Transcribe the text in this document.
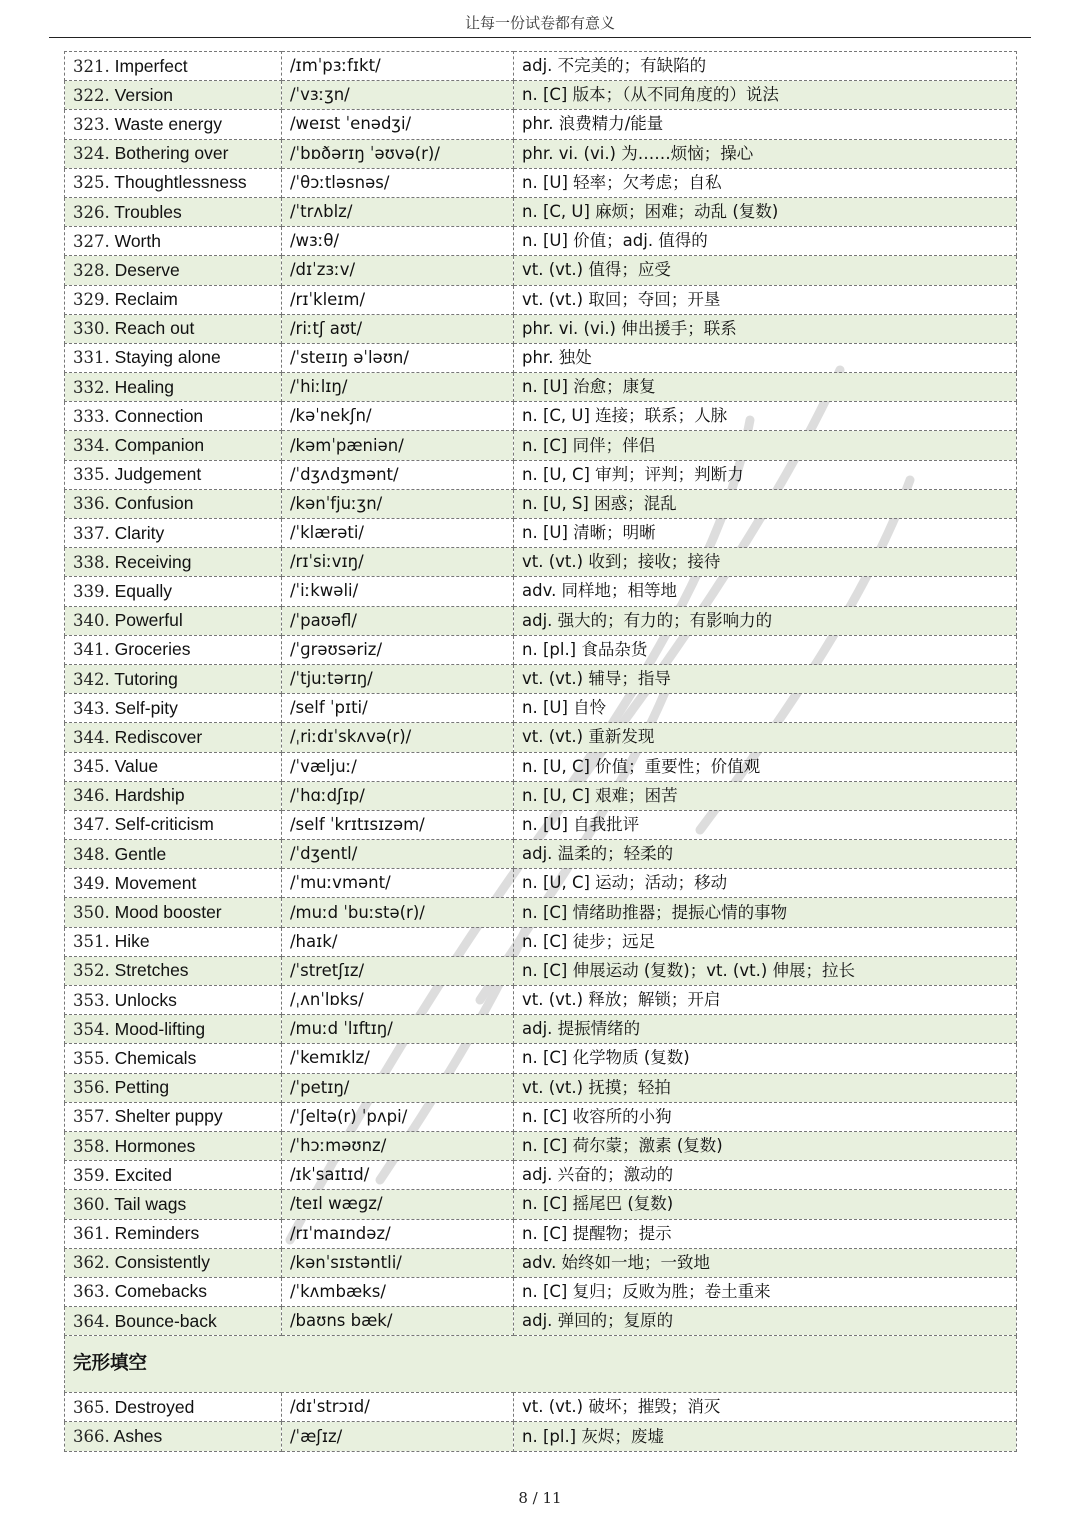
让每一份试卷都有意义
321. Imperfect	/ɪmˈpɜːfɪkt/	adj. 不完美的；有缺陷的
322. Version	/ˈvɜːʒn/	n. [C] 版本；（从不同角度的）说法
323. Waste energy	/weɪst ˈenədʒi/	phr. 浪费精力/能量
324. Bothering over	/ˈbɒðərɪŋ ˈəʊvə(r)/	phr. vi. (vi.) 为……烦恼；操心
325. Thoughtlessness	/ˈθɔːtləsnəs/	n. [U] 轻率；欠考虑；自私
326. Troubles	/ˈtrʌblz/	n. [C, U] 麻烦；困难；动乱 (复数)
327. Worth	/wɜːθ/	n. [U] 价值；adj. 值得的
328. Deserve	/dɪˈzɜːv/	vt. (vt.) 值得；应受
329. Reclaim	/rɪˈkleɪm/	vt. (vt.) 取回；夺回；开垦
330. Reach out	/riːtʃ aʊt/	phr. vi. (vi.) 伸出援手；联系
331. Staying alone	/ˈsteɪɪŋ əˈləʊn/	phr. 独处
332. Healing	/ˈhiːlɪŋ/	n. [U] 治愈；康复
333. Connection	/kəˈnekʃn/	n. [C, U] 连接；联系；人脉
334. Companion	/kəmˈpæniən/	n. [C] 同伴；伴侣
335. Judgement	/ˈdʒʌdʒmənt/	n. [U, C] 审判；评判；判断力
336. Confusion	/kənˈfjuːʒn/	n. [U, S] 困惑；混乱
337. Clarity	/ˈklærəti/	n. [U] 清晰；明晰
338. Receiving	/rɪˈsiːvɪŋ/	vt. (vt.) 收到；接收；接待
339. Equally	/ˈiːkwəli/	adv. 同样地；相等地
340. Powerful	/ˈpaʊəfl/	adj. 强大的；有力的；有影响力的
341. Groceries	/ˈɡrəʊsəriz/	n. [pl.] 食品杂货
342. Tutoring	/ˈtjuːtərɪŋ/	vt. (vt.) 辅导；指导
343. Self-pity	/self ˈpɪti/	n. [U] 自怜
344. Rediscover	/ˌriːdɪˈskʌvə(r)/	vt. (vt.) 重新发现
345. Value	/ˈvæljuː/	n. [U, C] 价值；重要性；价值观
346. Hardship	/ˈhɑːdʃɪp/	n. [U, C] 艰难；困苦
347. Self-criticism	/self ˈkrɪtɪsɪzəm/	n. [U] 自我批评
348. Gentle	/ˈdʒentl/	adj. 温柔的；轻柔的
349. Movement	/ˈmuːvmənt/	n. [U, C] 运动；活动；移动
350. Mood booster	/muːd ˈbuːstə(r)/	n. [C] 情绪助推器；提振心情的事物
351. Hike	/haɪk/	n. [C] 徒步；远足
352. Stretches	/ˈstretʃɪz/	n. [C] 伸展运动 (复数)；vt. (vt.) 伸展；拉长
353. Unlocks	/ˌʌnˈlɒks/	vt. (vt.) 释放；解锁；开启
354. Mood-lifting	/muːd ˈlɪftɪŋ/	adj. 提振情绪的
355. Chemicals	/ˈkemɪklz/	n. [C] 化学物质 (复数)
356. Petting	/ˈpetɪŋ/	vt. (vt.) 抚摸；轻拍
357. Shelter puppy	/ˈʃeltə(r) ˈpʌpi/	n. [C] 收容所的小狗
358. Hormones	/ˈhɔːməʊnz/	n. [C] 荷尔蒙；激素 (复数)
359. Excited	/ɪkˈsaɪtɪd/	adj. 兴奋的；激动的
360. Tail wags	/teɪl wæɡz/	n. [C] 摇尾巴 (复数)
361. Reminders	/rɪˈmaɪndəz/	n. [C] 提醒物；提示
362. Consistently	/kənˈsɪstəntli/	adv. 始终如一地；一致地
363. Comebacks	/ˈkʌmbæks/	n. [C] 复归；反败为胜；卷土重来
364. Bounce-back	/baʊns bæk/	adj. 弹回的；复原的
完形填空		
365. Destroyed	/dɪˈstrɔɪd/	vt. (vt.) 破坏；摧毁；消灭
366. Ashes	/ˈæʃɪz/	n. [pl.] 灰烬；废墟
8 / 11
